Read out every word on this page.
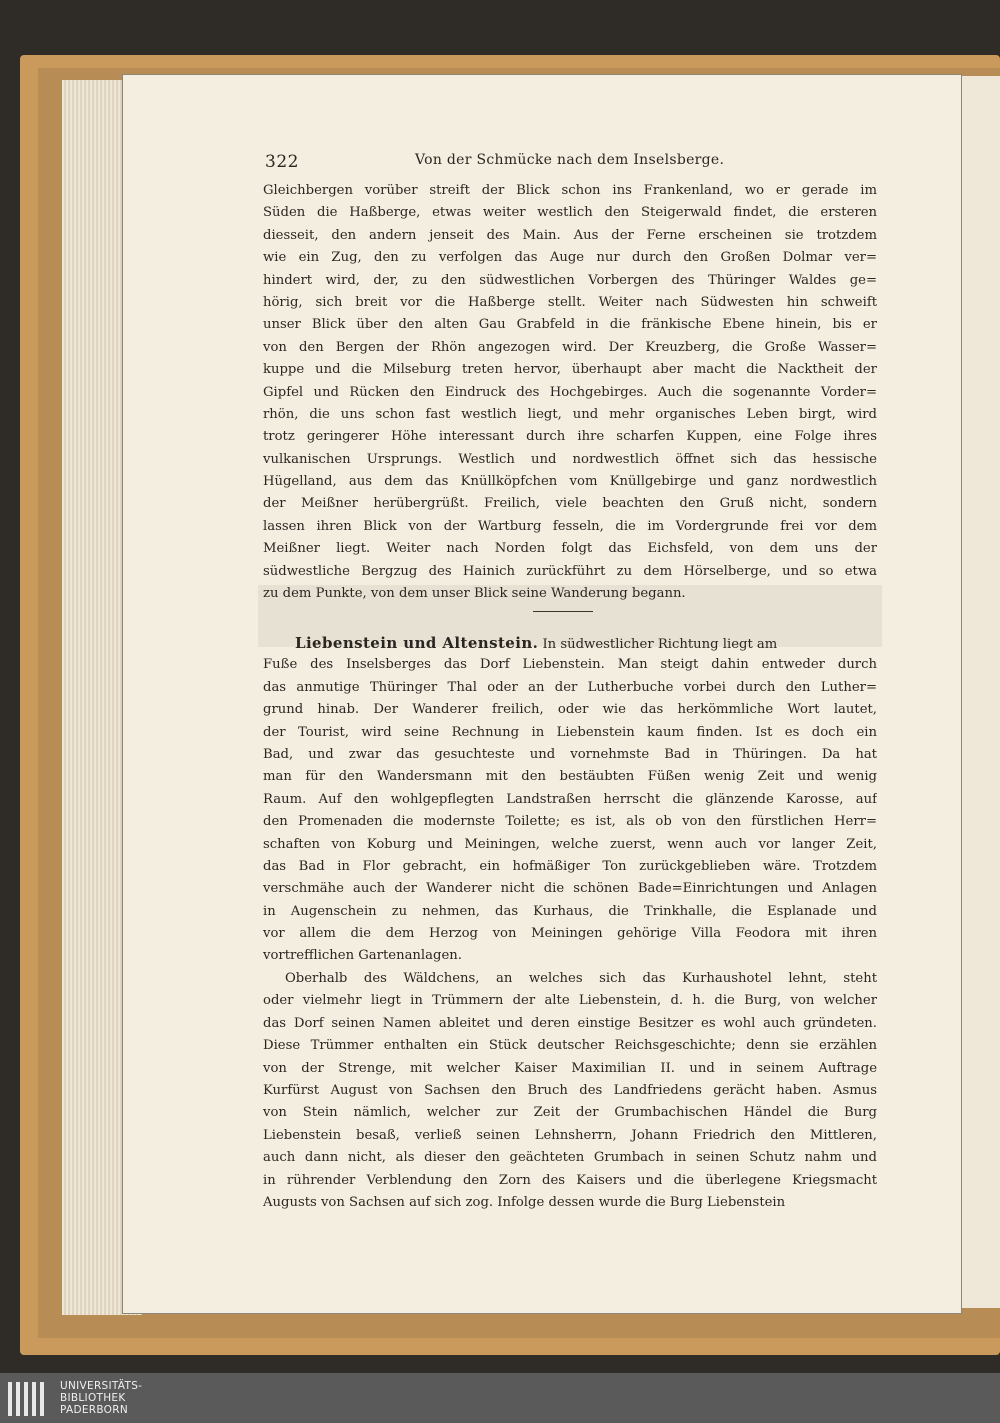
322	Von der Schmücke nach dem Inselsberge.
Gleichbergen vorüber streift der Blick schon ins Frankenland, wo er gerade im
Süden die Haßberge, etwas weiter westlich den Steigerwald findet, die ersteren
diesseit, den andern jenseit des Main. Aus der Ferne erscheinen sie trotzdem
wie ein Zug, den zu verfolgen das Auge nur durch den Großen Dolmar ver=
hindert wird, der, zu den südwestlichen Vorbergen des Thüringer Waldes ge=
hörig, sich breit vor die Haßberge stellt. Weiter nach Südwesten hin schweift
unser Blick über den alten Gau Grabfeld in die fränkische Ebene hinein, bis er
von den Bergen der Rhön angezogen wird. Der Kreuzberg, die Große Wasser=
kuppe und die Milseburg treten hervor, überhaupt aber macht die Nacktheit der
Gipfel und Rücken den Eindruck des Hochgebirges. Auch die sogenannte Vorder=
rhön, die uns schon fast westlich liegt, und mehr organisches Leben birgt, wird
trotz geringerer Höhe interessant durch ihre scharfen Kuppen, eine Folge ihres
vulkanischen Ursprungs. Westlich und nordwestlich öffnet sich das hessische
Hügelland, aus dem das Knüllköpfchen vom Knüllgebirge und ganz nordwestlich
der Meißner herübergrüßt. Freilich, viele beachten den Gruß nicht, sondern
lassen ihren Blick von der Wartburg fesseln, die im Vordergrunde frei vor dem
Meißner liegt. Weiter nach Norden folgt das Eichsfeld, von dem uns der
südwestliche Bergzug des Hainich zurückführt zu dem Hörselberge, und so etwa
zu dem Punkte, von dem unser Blick seine Wanderung begann.
Liebenstein und Altenstein. In südwestlicher Richtung liegt am
Fuße des Inselsberges das Dorf Liebenstein. Man steigt dahin entweder durch
das anmutige Thüringer Thal oder an der Lutherbuche vorbei durch den Luther=
grund hinab. Der Wanderer freilich, oder wie das herkömmliche Wort lautet,
der Tourist, wird seine Rechnung in Liebenstein kaum finden. Ist es doch ein
Bad, und zwar das gesuchteste und vornehmste Bad in Thüringen. Da hat
man für den Wandersmann mit den bestäubten Füßen wenig Zeit und wenig
Raum. Auf den wohlgepflegten Landstraßen herrscht die glänzende Karosse, auf
den Promenaden die modernste Toilette; es ist, als ob von den fürstlichen Herr=
schaften von Koburg und Meiningen, welche zuerst, wenn auch vor langer Zeit,
das Bad in Flor gebracht, ein hofmäßiger Ton zurückgeblieben wäre. Trotzdem
verschmähe auch der Wanderer nicht die schönen Bade=Einrichtungen und Anlagen
in Augenschein zu nehmen, das Kurhaus, die Trinkhalle, die Esplanade und
vor allem die dem Herzog von Meiningen gehörige Villa Feodora mit ihren
vortrefflichen Gartenanlagen.
Oberhalb des Wäldchens, an welches sich das Kurhaushotel lehnt, steht
oder vielmehr liegt in Trümmern der alte Liebenstein, d. h. die Burg, von welcher
das Dorf seinen Namen ableitet und deren einstige Besitzer es wohl auch gründeten.
Diese Trümmer enthalten ein Stück deutscher Reichsgeschichte; denn sie erzählen
von der Strenge, mit welcher Kaiser Maximilian II. und in seinem Auftrage
Kurfürst August von Sachsen den Bruch des Landfriedens gerächt haben. Asmus
von Stein nämlich, welcher zur Zeit der Grumbachischen Händel die Burg
Liebenstein besaß, verließ seinen Lehnsherrn, Johann Friedrich den Mittleren,
auch dann nicht, als dieser den geächteten Grumbach in seinen Schutz nahm und
in rührender Verblendung den Zorn des Kaisers und die überlegene Kriegsmacht
Augusts von Sachsen auf sich zog. Infolge dessen wurde die Burg Liebenstein
UNIVERSITÄTS-
BIBLIOTHEK
PADERBORN
